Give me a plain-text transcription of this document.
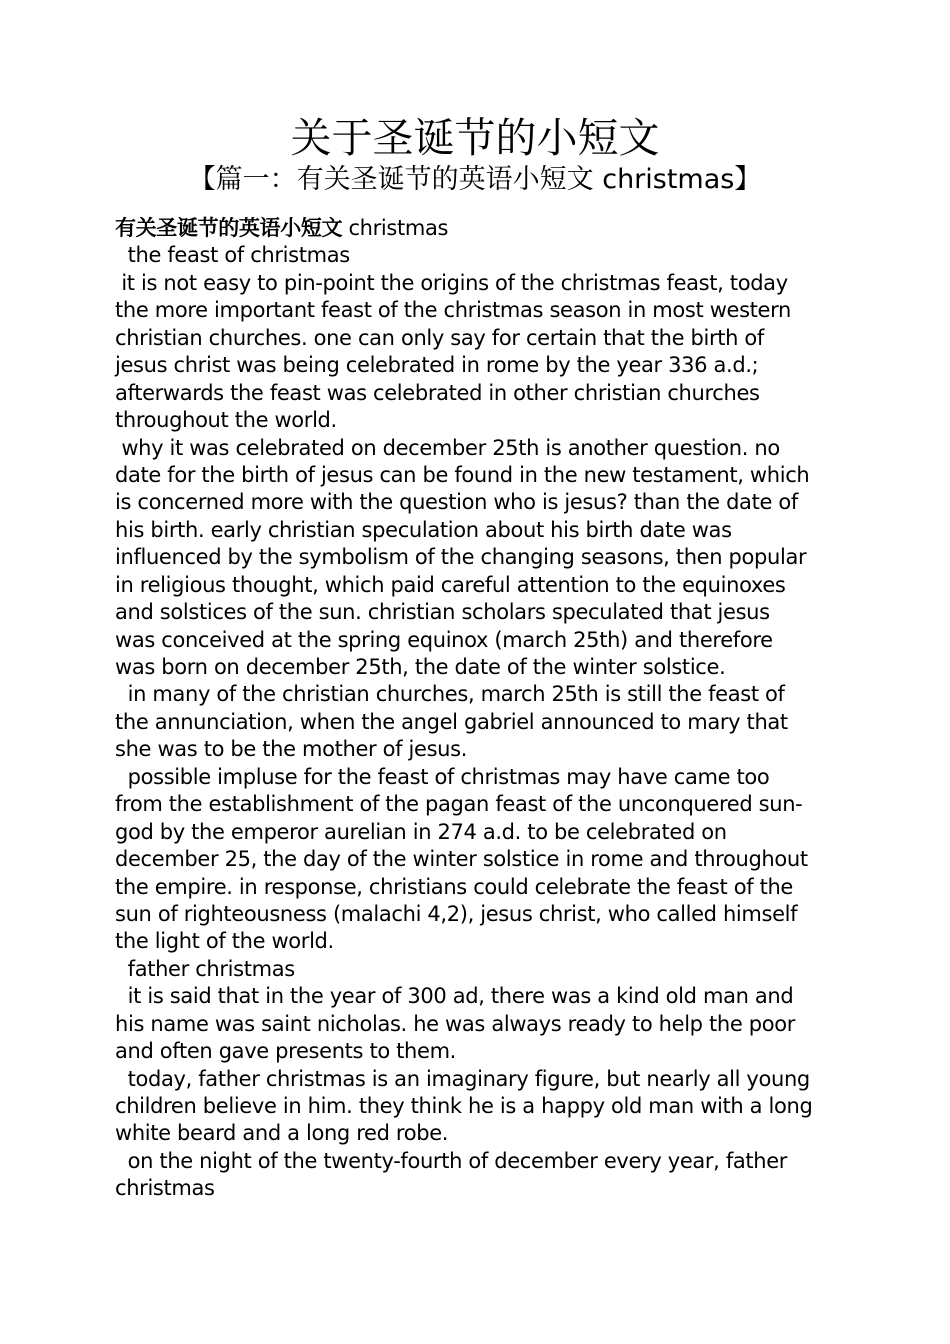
关于圣诞节的小短文
【篇一：有关圣诞节的英语小短文 christmas】
有关圣诞节的英语小短文 christmas
the feast of christmas
it is not easy to pin-point the origins of the christmas feast, today
the more important feast of the christmas season in most western
christian churches. one can only say for certain that the birth of
jesus christ was being celebrated in rome by the year 336 a.d.;
afterwards the feast was celebrated in other christian churches
throughout the world.
why it was celebrated on december 25th is another question. no
date for the birth of jesus can be found in the new testament, which
is concerned more with the question who is jesus? than the date of
his birth. early christian speculation about his birth date was
influenced by the symbolism of the changing seasons, then popular
in religious thought, which paid careful attention to the equinoxes
and solstices of the sun. christian scholars speculated that jesus
was conceived at the spring equinox (march 25th) and therefore
was born on december 25th, the date of the winter solstice.
in many of the christian churches, march 25th is still the feast of
the annunciation, when the angel gabriel announced to mary that
she was to be the mother of jesus.
possible impluse for the feast of christmas may have came too
from the establishment of the pagan feast of the unconquered sun-
god by the emperor aurelian in 274 a.d. to be celebrated on
december 25, the day of the winter solstice in rome and throughout
the empire. in response, christians could celebrate the feast of the
sun of righteousness (malachi 4,2), jesus christ, who called himself
the light of the world.
father christmas
it is said that in the year of 300 ad, there was a kind old man and
his name was saint nicholas. he was always ready to help the poor
and often gave presents to them.
today, father christmas is an imaginary figure, but nearly all young
children believe in him. they think he is a happy old man with a long
white beard and a long red robe.
on the night of the twenty-fourth of december every year, father
christmas
